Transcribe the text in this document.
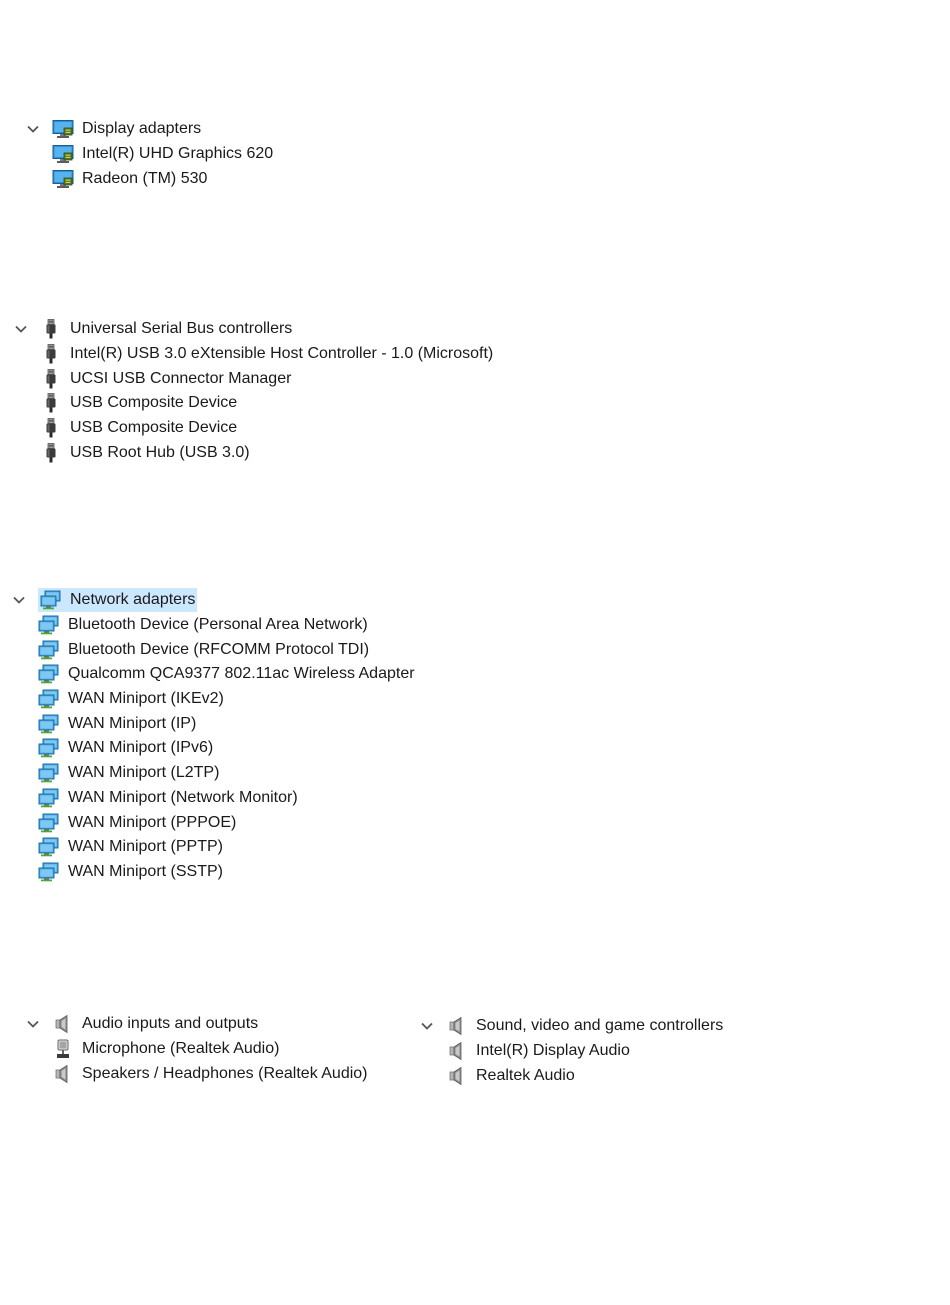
Display adapters
Intel(R) UHD Graphics 620
Radeon (TM) 530
Universal Serial Bus controllers
Intel(R) USB 3.0 eXtensible Host Controller - 1.0 (Microsoft)
UCSI USB Connector Manager
USB Composite Device
USB Composite Device
USB Root Hub (USB 3.0)
Network adapters
Bluetooth Device (Personal Area Network)
Bluetooth Device (RFCOMM Protocol TDI)
Qualcomm QCA9377 802.11ac Wireless Adapter
WAN Miniport (IKEv2)
WAN Miniport (IP)
WAN Miniport (IPv6)
WAN Miniport (L2TP)
WAN Miniport (Network Monitor)
WAN Miniport (PPPOE)
WAN Miniport (PPTP)
WAN Miniport (SSTP)
Audio inputs and outputs
Microphone (Realtek Audio)
Speakers / Headphones (Realtek Audio)
Sound, video and game controllers
Intel(R) Display Audio
Realtek Audio
